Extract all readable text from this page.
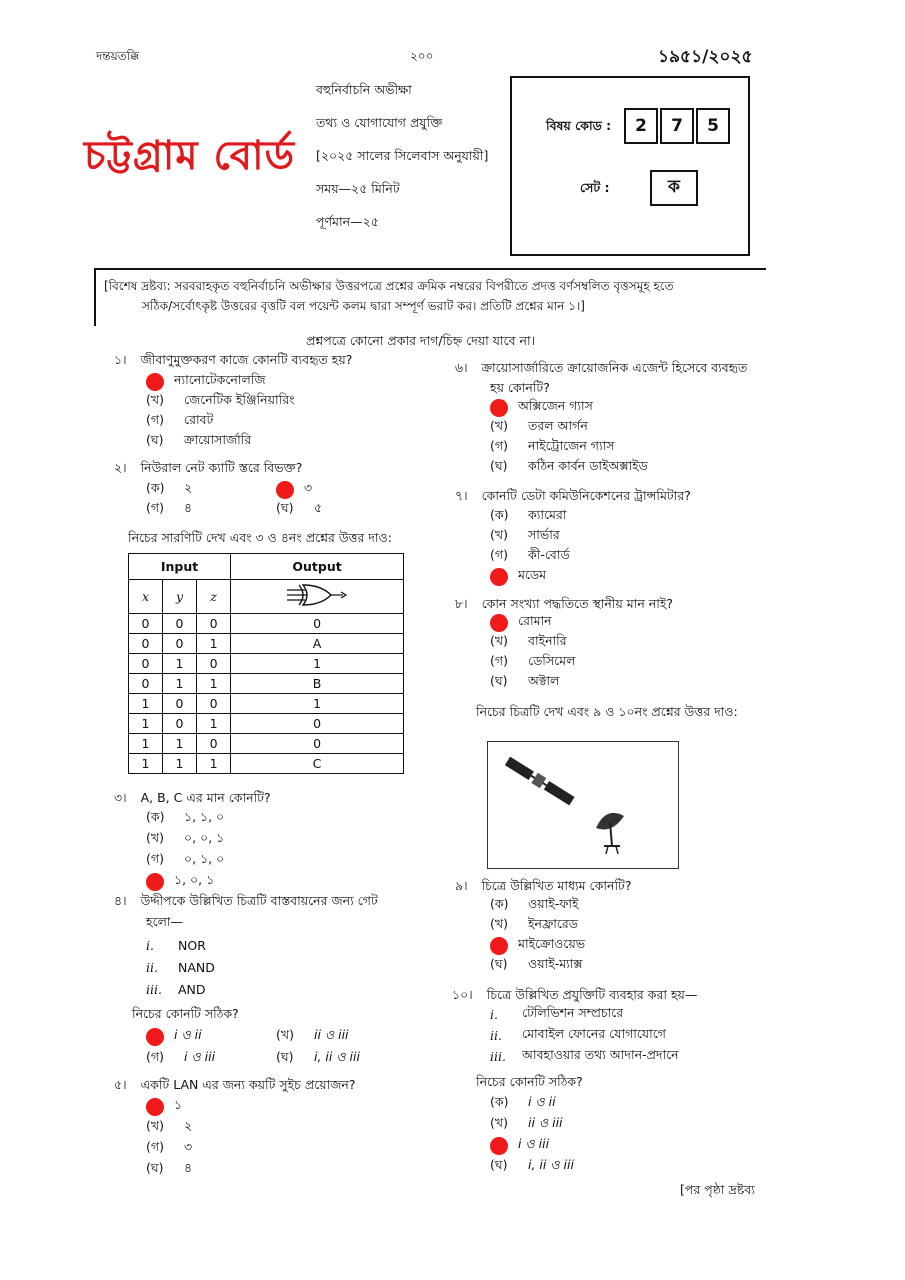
দন্তয়তক্কি	২০০	১৯৫১/২০২৫
চট্টগ্রাম বোর্ড
বহুনির্বাচনি অভীক্ষা
তথ্য ও যোগাযোগ প্রযুক্তি
[২০২৫ সালের সিলেবাস অনুযায়ী]
সময়—২৫ মিনিট
পূর্ণমান—২৫
বিষয় কোড :	2	7	5
সেট :	ক
[বিশেষ দ্রষ্টব্য: সরবরাহকৃত বহুনির্বাচনি অভীক্ষার উত্তরপত্রে প্রশ্নের ক্রমিক নম্বরের বিপরীতে প্রদত্ত বর্ণসম্বলিত বৃত্তসমূহ হতে
সঠিক/সর্বোৎকৃষ্ট উত্তরের বৃত্তটি বল পয়েন্ট কলম দ্বারা সম্পূর্ণ ভরাট কর। প্রতিটি প্রশ্নের মান ১।]
প্রশ্নপত্রে কোনো প্রকার দাগ/চিহ্ন দেয়া যাবে না।
১। জীবাণুমুক্তকরণ কাজে কোনটি ব্যবহৃত হয়?
ন্যানোটেকনোলজি
(খ)	জেনেটিক ইঞ্জিনিয়ারিং
(গ)	রোবট
(ঘ)	ক্রায়োসার্জারি
২। নিউরাল নেট ক্যাটি স্তরে বিভক্ত?
(ক)	২	৩
(গ)	৪	(ঘ)	৫
নিচের সারণিটি দেখ এবং ৩ ও ৪নং প্রশ্নের উত্তর দাও:
Input			Output
x	y	z	
0	0	0	0
0	0	1	A
0	1	0	1
0	1	1	B
1	0	0	1
1	0	1	0
1	1	0	0
1	1	1	C
৩। A, B, C এর মান কোনটি?
(ক)	১, ১, ০
(খ)	০, ০, ১
(গ)	০, ১, ০
১, ০, ১
৪। উদ্দীপকে উল্লিখিত চিত্রটি বাস্তবায়নের জন্য গেট
হলো—
i.	NOR
ii.	NAND
iii. AND
নিচের কোনটি সঠিক?
i ও ii	(খ)	ii ও iii
(গ)	i ও iii	(ঘ)	i, ii ও iii
৫। একটি LAN এর জন্য কয়টি সুইচ প্রয়োজন?
১
(খ)	২
(গ)	৩
(ঘ)	৪
৬। ক্রায়োসার্জারিতে ক্রায়োজনিক এজেন্ট হিসেবে ব্যবহৃত
হয় কোনটি?
অক্সিজেন গ্যাস
(খ)	তরল আর্গন
(গ)	নাইট্রোজেন গ্যাস
(ঘ)	কঠিন কার্বন ডাইঅক্সাইড
৭। কোনটি ডেটা কমিউনিকেশনের ট্রান্সমিটার?
(ক)	ক্যামেরা
(খ)	সার্ভার
(গ)	কী-বোর্ড
মডেম
৮। কোন সংখ্যা পদ্ধতিতে স্থানীয় মান নাই?
রোমান
(খ)	বাইনারি
(গ)	ডেসিমেল
(ঘ)	অক্টাল
নিচের চিত্রটি দেখ এবং ৯ ও ১০নং প্রশ্নের উত্তর দাও:
৯। চিত্রে উল্লিখিত মাধ্যম কোনটি?
(ক)	ওয়াই-ফাই
(খ)	ইনফ্রারেড
মাইক্রোওয়েভ
(ঘ)	ওয়াই-ম্যাক্স
১০। চিত্রে উল্লিখিত প্রযুক্তিটি ব্যবহার করা হয়—
i.	টেলিভিশন সম্প্রচারে
ii.	মোবাইল ফোনের যোগাযোগে
iii. আবহাওয়ার তথ্য আদান-প্রদানে
নিচের কোনটি সঠিক?
(ক)	i ও ii
(খ)	ii ও iii
i ও iii
(ঘ)	i, ii ও iii
[পর পৃষ্ঠা দ্রষ্টব্য
